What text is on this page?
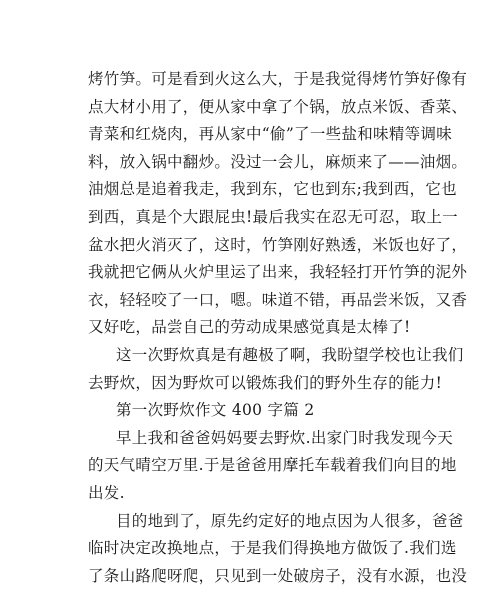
烤竹笋。可是看到火这么大，于是我觉得烤竹笋好像有
点大材小用了，便从家中拿了个锅，放点米饭、香菜、
青菜和红烧肉，再从家中“偷”了一些盐和味精等调味
料，放入锅中翻炒。没过一会儿，麻烦来了——油烟。
油烟总是追着我走，我到东，它也到东;我到西，它也
到西，真是个大跟屁虫!最后我实在忍无可忍，取上一
盆水把火消灭了，这时，竹笋刚好熟透，米饭也好了，
我就把它俩从火炉里运了出来，我轻轻打开竹笋的泥外
衣，轻轻咬了一口，嗯。味道不错，再品尝米饭，又香
又好吃，品尝自己的劳动成果感觉真是太棒了!
这一次野炊真是有趣极了啊，我盼望学校也让我们
去野炊，因为野炊可以锻炼我们的野外生存的能力!
第一次野炊作文 400 字篇 2
早上我和爸爸妈妈要去野炊.出家门时我发现今天
的天气晴空万里.于是爸爸用摩托车载着我们向目的地
出发.
目的地到了，原先约定好的地点因为人很多，爸爸
临时决定改换地点，于是我们得换地方做饭了.我们选
了条山路爬呀爬，只见到一处破房子，没有水源，也没
